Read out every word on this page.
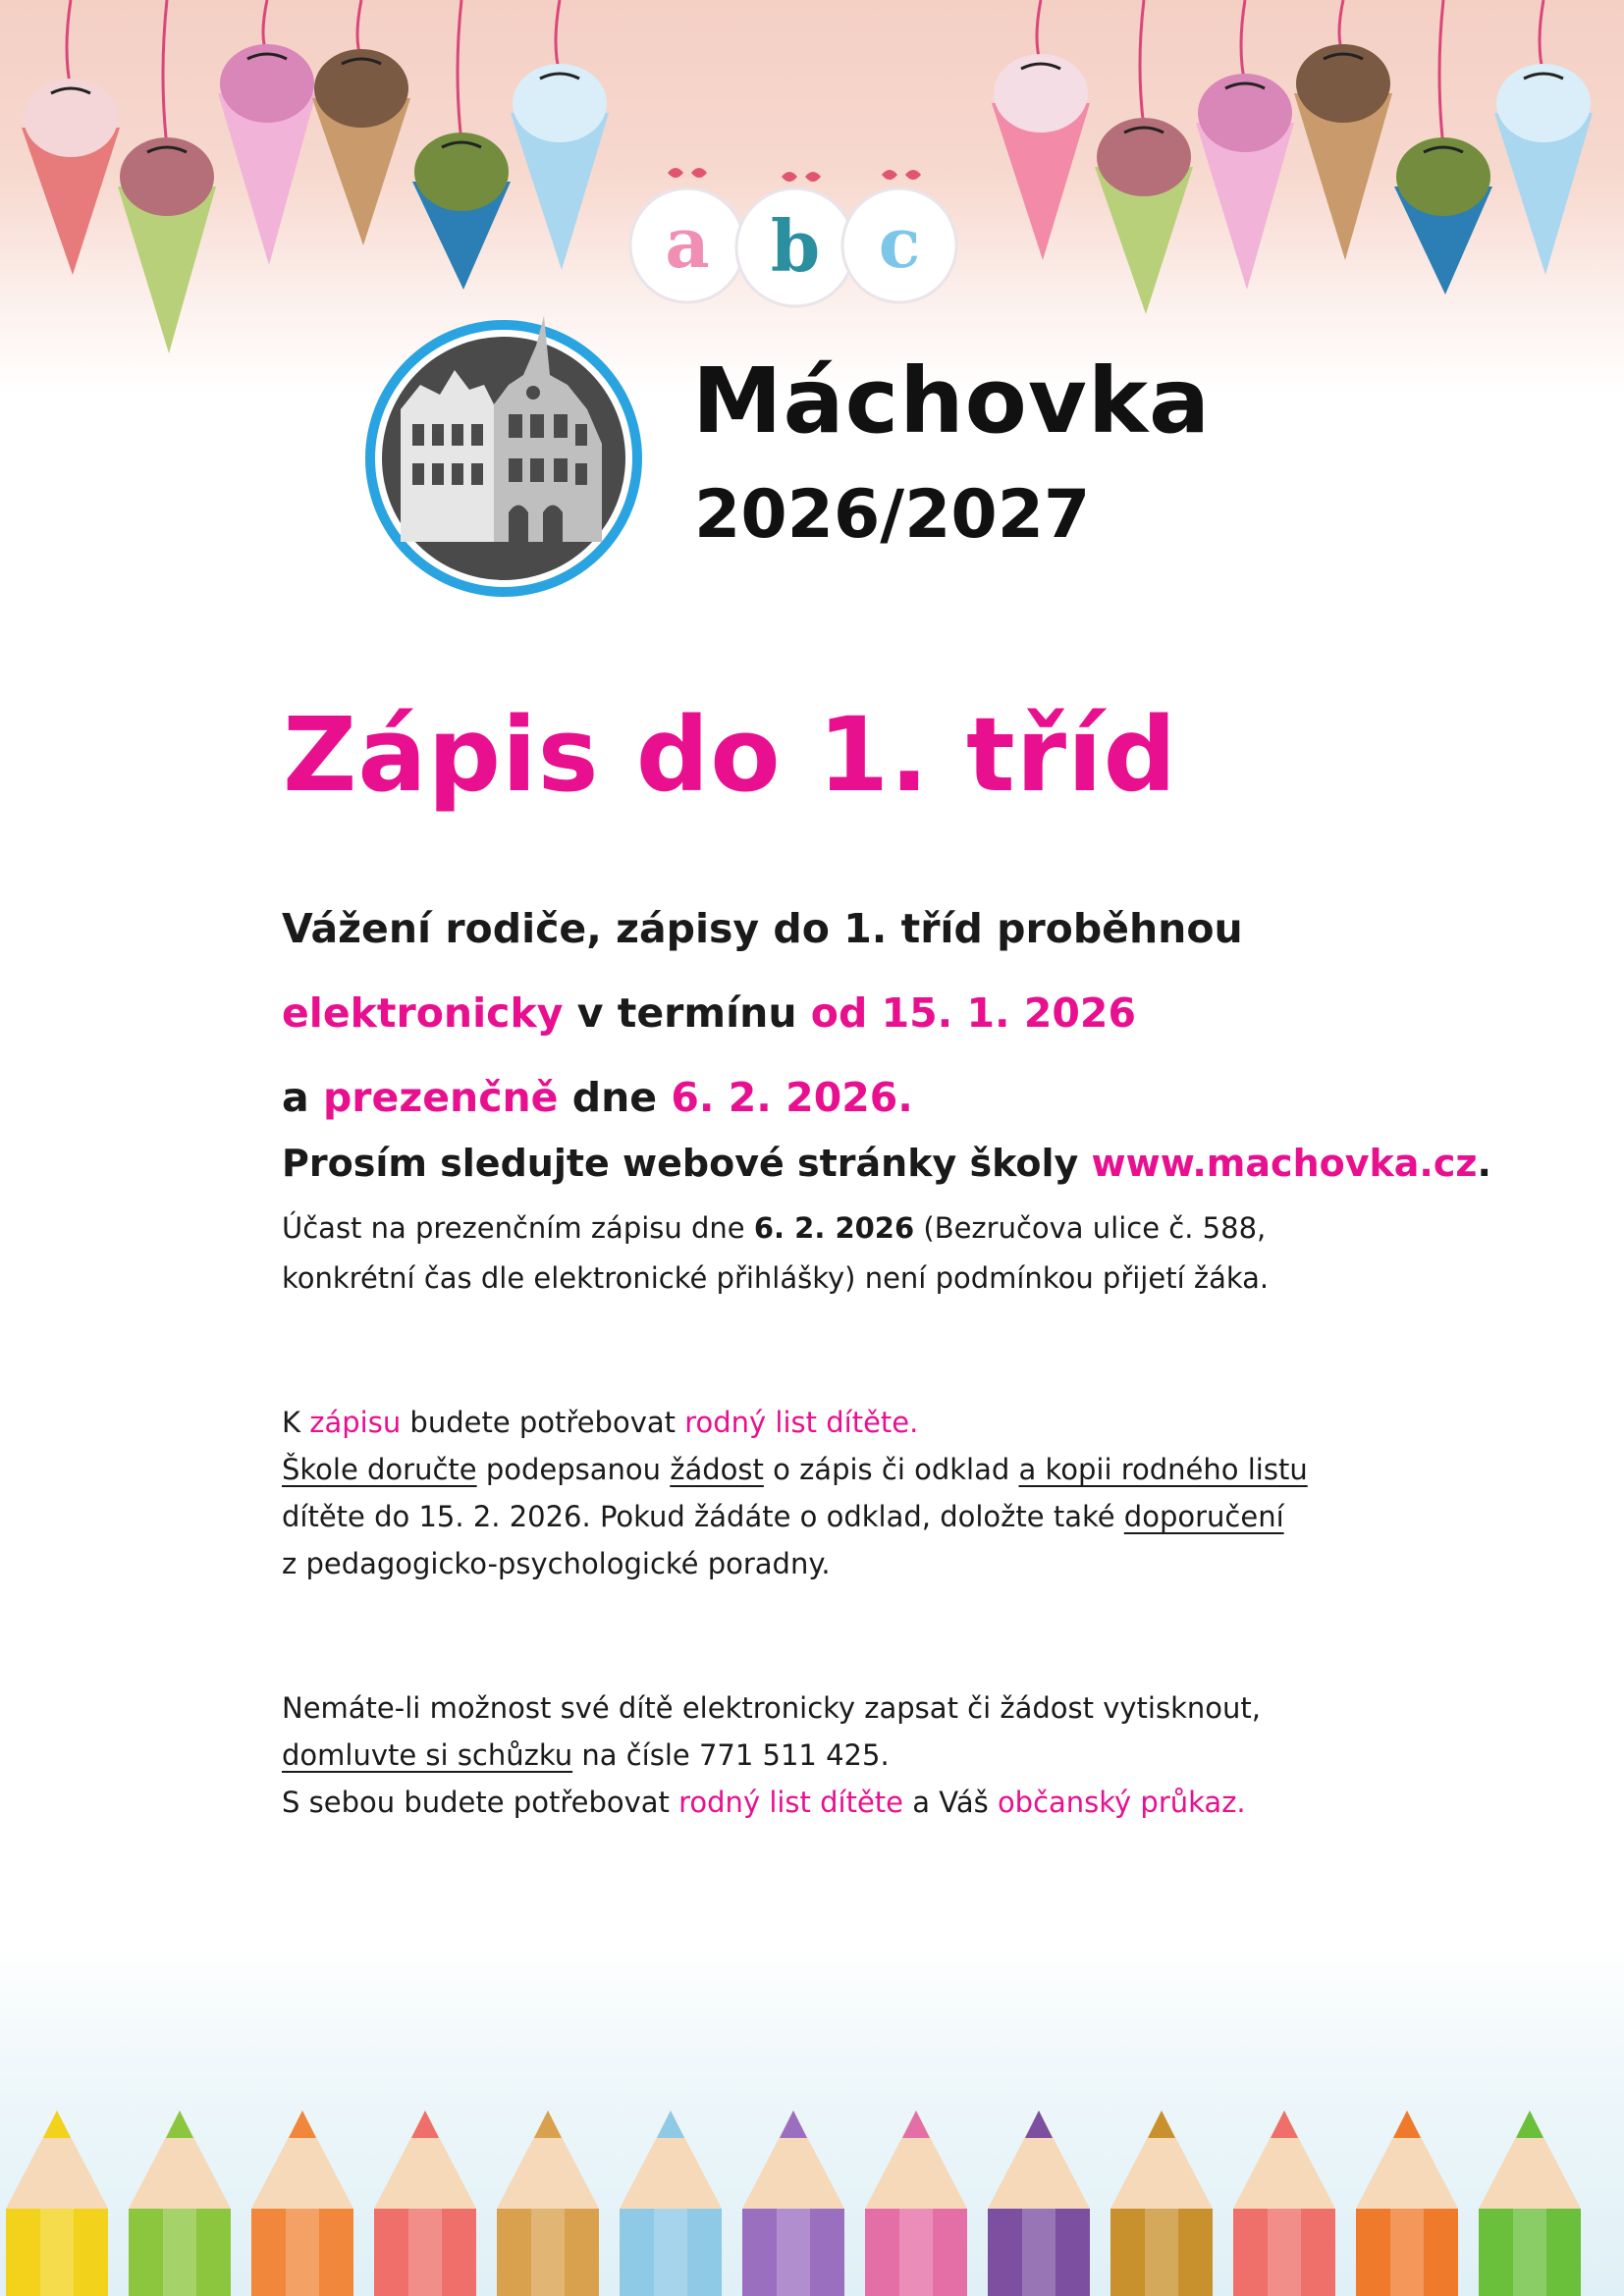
a b c
Máchovka
2026/2027
Zápis do 1. tříd
Vážení rodiče, zápisy do 1. tříd proběhnou
elektronicky v termínu od 15. 1. 2026
a prezenčně dne 6. 2. 2026.
Prosím sledujte webové stránky školy www.machovka.cz.
Účast na prezenčním zápisu dne 6. 2. 2026 (Bezručova ulice č. 588,
konkrétní čas dle elektronické přihlášky) není podmínkou přijetí žáka.
K zápisu budete potřebovat rodný list dítěte.
Škole doručte podepsanou žádost o zápis či odklad a kopii rodného listu
dítěte do 15. 2. 2026. Pokud žádáte o odklad, doložte také doporučení
z pedagogicko-psychologické poradny.
Nemáte-li možnost své dítě elektronicky zapsat či žádost vytisknout,
domluvte si schůzku na čísle 771 511 425.
S sebou budete potřebovat rodný list dítěte a Váš občanský průkaz.
